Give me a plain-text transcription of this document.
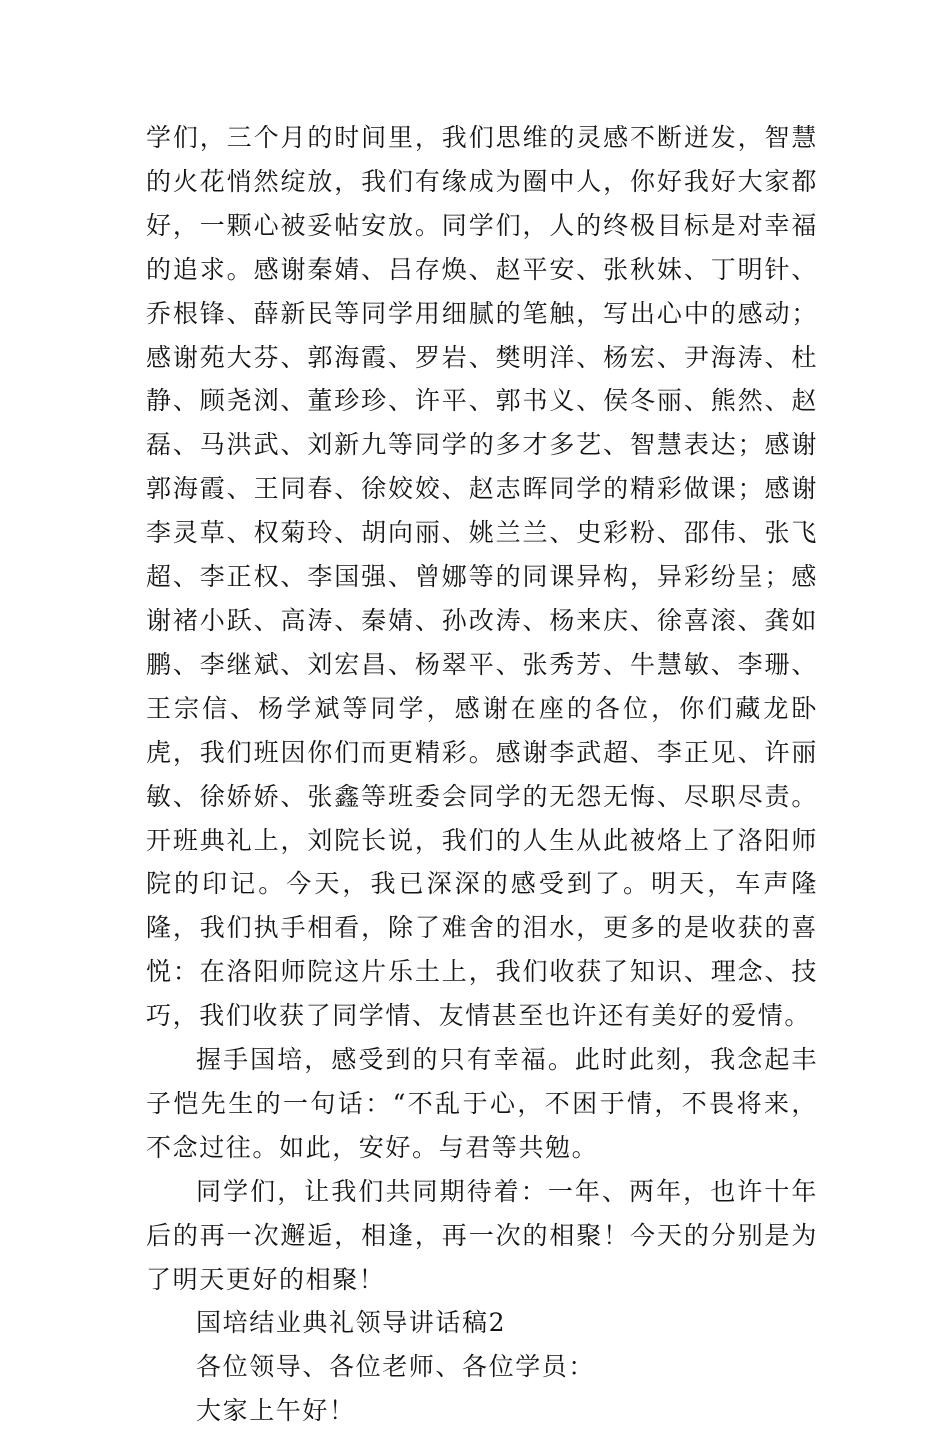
学们，三个月的时间里，我们思维的灵感不断迸发，智慧的火花悄然绽放，我们有缘成为圈中人，你好我好大家都好，一颗心被妥帖安放。同学们，人的终极目标是对幸福的追求。感谢秦婧、吕存焕、赵平安、张秋妹、丁明针、乔根锋、薛新民等同学用细腻的笔触，写出心中的感动；感谢苑大芬、郭海霞、罗岩、樊明洋、杨宏、尹海涛、杜静、顾尧浏、董珍珍、许平、郭书义、侯冬丽、熊然、赵磊、马洪武、刘新九等同学的多才多艺、智慧表达；感谢郭海霞、王同春、徐姣姣、赵志晖同学的精彩做课；感谢李灵草、权菊玲、胡向丽、姚兰兰、史彩粉、邵伟、张飞超、李正权、李国强、曾娜等的同课异构，异彩纷呈；感谢褚小跃、高涛、秦婧、孙改涛、杨来庆、徐喜滚、龚如鹏、李继斌、刘宏昌、杨翠平、张秀芳、牛慧敏、李珊、王宗信、杨学斌等同学，感谢在座的各位，你们藏龙卧虎，我们班因你们而更精彩。感谢李武超、李正见、许丽敏、徐娇娇、张鑫等班委会同学的无怨无悔、尽职尽责。开班典礼上，刘院长说，我们的人生从此被烙上了洛阳师院的印记。今天，我已深深的感受到了。明天，车声隆隆，我们执手相看，除了难舍的泪水，更多的是收获的喜悦：在洛阳师院这片乐土上，我们收获了知识、理念、技巧，我们收获了同学情、友情甚至也许还有美好的爱情。

握手国培，感受到的只有幸福。此时此刻，我念起丰子恺先生的一句话：“不乱于心，不困于情，不畏将来，不念过往。如此，安好。与君等共勉。

同学们，让我们共同期待着：一年、两年，也许十年后的再一次邂逅，相逢，再一次的相聚！今天的分别是为了明天更好的相聚！

国培结业典礼领导讲话稿2

各位领导、各位老师、各位学员：

大家上午好！
